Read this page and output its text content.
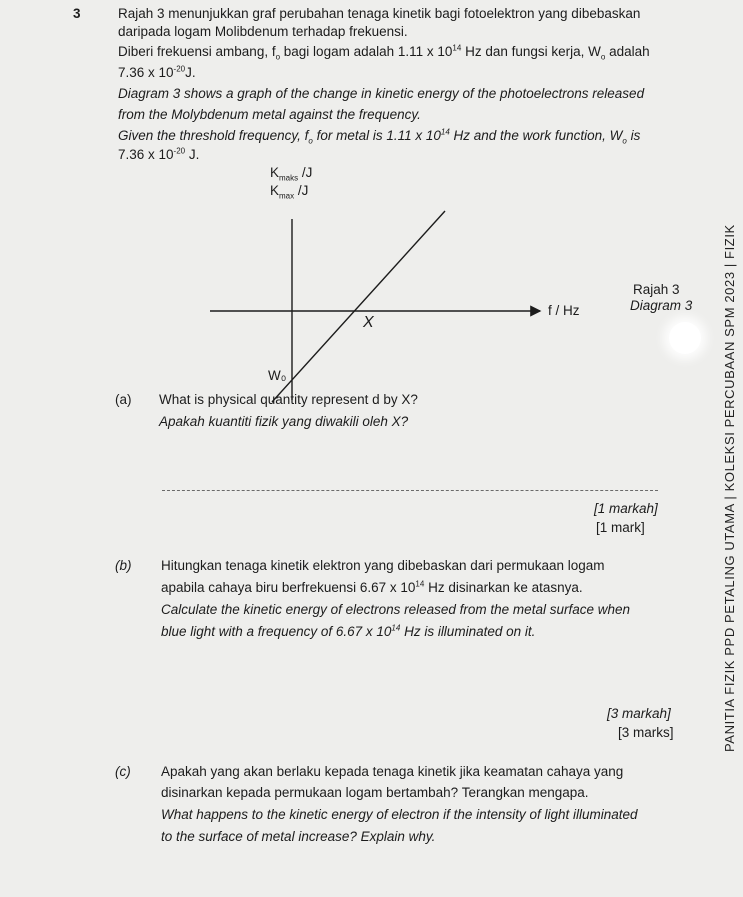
3	Rajah 3 menunjukkan graf perubahan tenaga kinetik bagi fotoelektron yang dibebaskan
daripada logam Molibdenum terhadap frekuensi.
Diberi frekuensi ambang, $f_o$ bagi logam adalah 1.11 x $10^{14}$ Hz dan fungsi kerja, $W_o$ adalah
7.36 x $10^{-20}J$.
Diagram 3 shows a graph of the change in kinetic energy of the photoelectrons released
from the Molybdenum metal against the frequency.
Given the threshold frequency, $f_o$ for metal is 1.11 x $10^{14}$ Hz and the work function, $W_o$ is
7.36 x $10^{-20}$ J.
$K_{maks}$ /J
$K_{max}$ /J
f / Hz
X
W₀
Rajah 3
Diagram 3
(a) What is physical quantity represent d by X?
Apakah kuantiti fizik yang diwakili oleh X?
[1 markah]
[1 mark]
(b) Hitungkan tenaga kinetik elektron yang dibebaskan dari permukaan logam
apabila cahaya biru berfrekuensi 6.67 x $10^{14}$ Hz disinarkan ke atasnya.
Calculate the kinetic energy of electrons released from the metal surface when
blue light with a frequency of 6.67 x $10^{14}$ Hz is illuminated on it.
[3 markah]
[3 marks]
(c) Apakah yang akan berlaku kepada tenaga kinetik jika keamatan cahaya yang
disinarkan kepada permukaan logam bertambah? Terangkan mengapa.
What happens to the kinetic energy of electron if the intensity of light illuminated
to the surface of metal increase? Explain why.
PANITIA FIZIK PPD PETALING UTAMA | KOLEKSI PERCUBAAN SPM 2023 | FIZIK
